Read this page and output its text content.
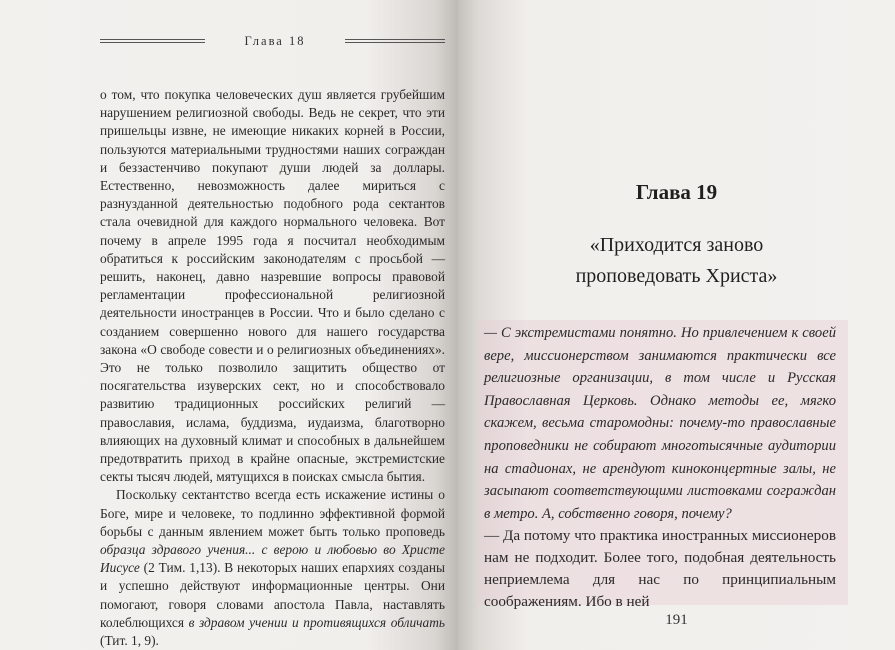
Глава 18

о том, что покупка человеческих душ является грубейшим нарушением религиозной свободы. Ведь не секрет, что эти пришельцы извне, не имеющие никаких корней в России, пользуются материальными трудностями наших сограждан и беззастенчиво покупают души людей за доллары. Естественно, невозможность далее мириться с разнузданной деятельностью подобного рода сектантов стала очевидной для каждого нормального человека. Вот почему в апреле 1995 года я посчитал необходимым обратиться к российским законодателям с просьбой — решить, наконец, давно назревшие вопросы правовой регламентации профессиональной религиозной деятельности иностранцев в России. Что и было сделано с созданием совершенно нового для нашего государства закона «О свободе совести и о религиозных объединениях». Это не только позволило защитить общество от посягательства изуверских сект, но и способствовало развитию традиционных российских религий — православия, ислама, буддизма, иудаизма, благотворно влияющих на духовный климат и способных в дальнейшем предотвратить приход в крайне опасные, экстремистские секты тысяч людей, мятущихся в поисках смысла бытия.

Поскольку сектантство всегда есть искажение истины о Боге, мире и человеке, то подлинно эффективной формой борьбы с данным явлением может быть только проповедь образца здравого учения... с верою и любовью во Христе Иисусе (2 Тим. 1,13). В некоторых наших епархиях созданы и успешно действуют информационные центры. Они помогают, говоря словами апостола Павла, наставлять колеблющихся в здравом учении и противящихся обличать (Тит. 1, 9).

Глава 19
«Приходится заново
проповедовать Христа»

— С экстремистами понятно. Но привлечением к своей вере, миссионерством занимаются практически все религиозные организации, в том числе и Русская Православная Церковь. Однако методы ее, мягко скажем, весьма старомодны: почему-то православные проповедники не собирают многотысячные аудитории на стадионах, не арендуют киноконцертные залы, не засыпают соответствующими листовками сограждан в метро. А, собственно говоря, почему?

— Да потому что практика иностранных миссионеров нам не подходит. Более того, подобная деятельность неприемлема для нас по принципиальным соображениям. Ибо в ней

191
